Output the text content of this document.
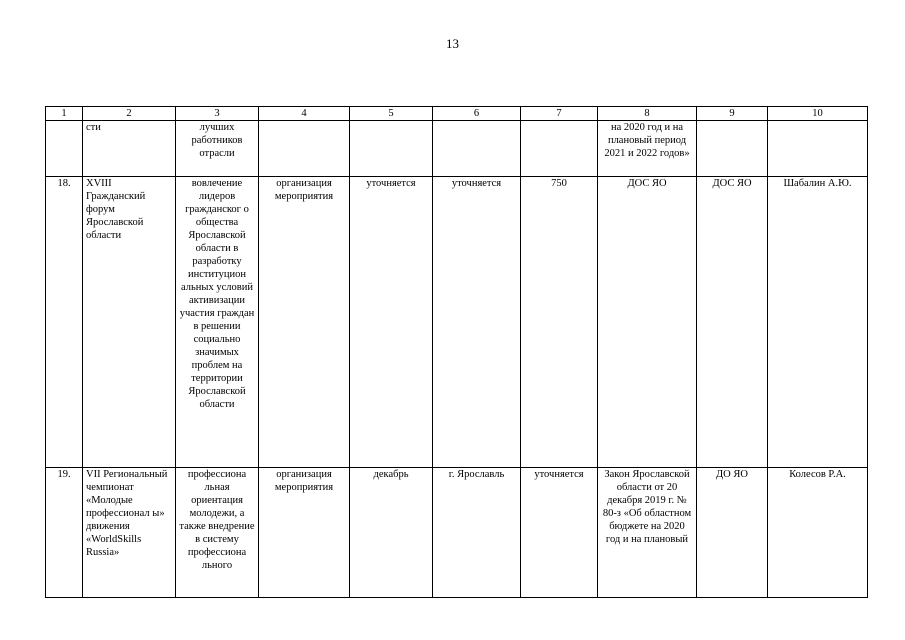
13
1	2	3	4	5	6	7	8	9	10
	сти	лучших работников отрасли					на 2020 год и на плановый период 2021 и 2022 годов»		
18.	XVIII Гражданский форум Ярославской области	вовлечение лидеров гражданског о общества Ярославской области в разработку институцион альных условий активизации участия граждан в решении социально значимых проблем на территории Ярославской области	организация мероприятия	уточняется	уточняется	750	ДОС ЯО	ДОС ЯО	Шабалин А.Ю.
19.	VII Региональный чемпионат «Молодые профессионал ы» движения «WorldSkills Russia»	профессиона льная ориентация молодежи, а также внедрение в систему профессиона льного	организация мероприятия	декабрь	г. Ярославль	уточняется	Закон Ярославской области от 20 декабря 2019 г. № 80-з «Об областном бюджете на 2020 год и на плановый	ДО ЯО	Колесов Р.А.
